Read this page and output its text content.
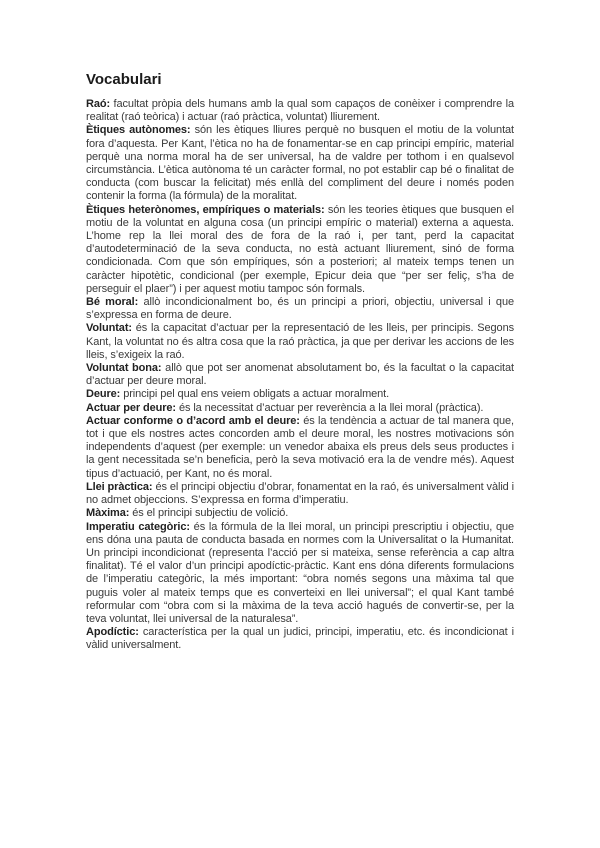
Vocabulari

Raó: facultat pròpia dels humans amb la qual som capaços de conèixer i comprendre la realitat (raó teòrica) i actuar (raó pràctica, voluntat) lliurement.

Ètiques autònomes: són les ètiques lliures perquè no busquen el motiu de la voluntat fora d’aquesta. Per Kant, l’ètica no ha de fonamentar-se en cap principi empíric, material perquè una norma moral ha de ser universal, ha de valdre per tothom i en qualsevol circumstància. L’ètica autònoma té un caràcter formal, no pot establir cap bé o finalitat de conducta (com buscar la felicitat) més enllà del compliment del deure i només poden contenir la forma (la fórmula) de la moralitat.

Ètiques heterònomes, empíriques o materials: són les teories ètiques que busquen el motiu de la voluntat en alguna cosa (un principi empíric o material) externa a aquesta. L’home rep la llei moral des de fora de la raó i, per tant, perd la capacitat d’autodeterminació de la seva conducta, no està actuant lliurement, sinó de forma condicionada. Com que són empíriques, són a posteriori; al mateix temps tenen un caràcter hipotètic, condicional (per exemple, Epicur deia que “per ser feliç, s’ha de perseguir el plaer”) i per aquest motiu tampoc són formals.

Bé moral: allò incondicionalment bo, és un principi a priori, objectiu, universal i que s’expressa en forma de deure.

Voluntat: és la capacitat d’actuar per la representació de les lleis, per principis. Segons Kant, la voluntat no és altra cosa que la raó pràctica, ja que per derivar les accions de les lleis, s’exigeix la raó.

Voluntat bona: allò que pot ser anomenat absolutament bo, és la facultat o la capacitat d’actuar per deure moral.

Deure: principi pel qual ens veiem obligats a actuar moralment.

Actuar per deure: és la necessitat d’actuar per reverència a la llei moral (pràctica).

Actuar conforme o d’acord amb el deure: és la tendència a actuar de tal manera que, tot i que els nostres actes concorden amb el deure moral, les nostres motivacions són independents d’aquest (per exemple: un venedor abaixa els preus dels seus productes i la gent necessitada se’n beneficia, però la seva motivació era la de vendre més). Aquest tipus d’actuació, per Kant, no és moral.

Llei pràctica: és el principi objectiu d’obrar, fonamentat en la raó, és universalment vàlid i no admet objeccions. S’expressa en forma d’imperatiu.

Màxima: és el principi subjectiu de volició.

Imperatiu categòric: és la fórmula de la llei moral, un principi prescriptiu i objectiu, que ens dóna una pauta de conducta basada en normes com la Universalitat o la Humanitat. Un principi incondicionat (representa l’acció per si mateixa, sense referència a cap altra finalitat). Té el valor d’un principi apodíctic-pràctic. Kant ens dóna diferents formulacions de l’imperatiu categòric, la més important: “obra només segons una màxima tal que puguis voler al mateix temps que es converteixi en llei universal”; el qual Kant també reformular com “obra com si la màxima de la teva acció hagués de convertir-se, per la teva voluntat, llei universal de la naturalesa”.

Apodíctic: característica per la qual un judici, principi, imperatiu, etc. és incondicionat i vàlid universalment.
